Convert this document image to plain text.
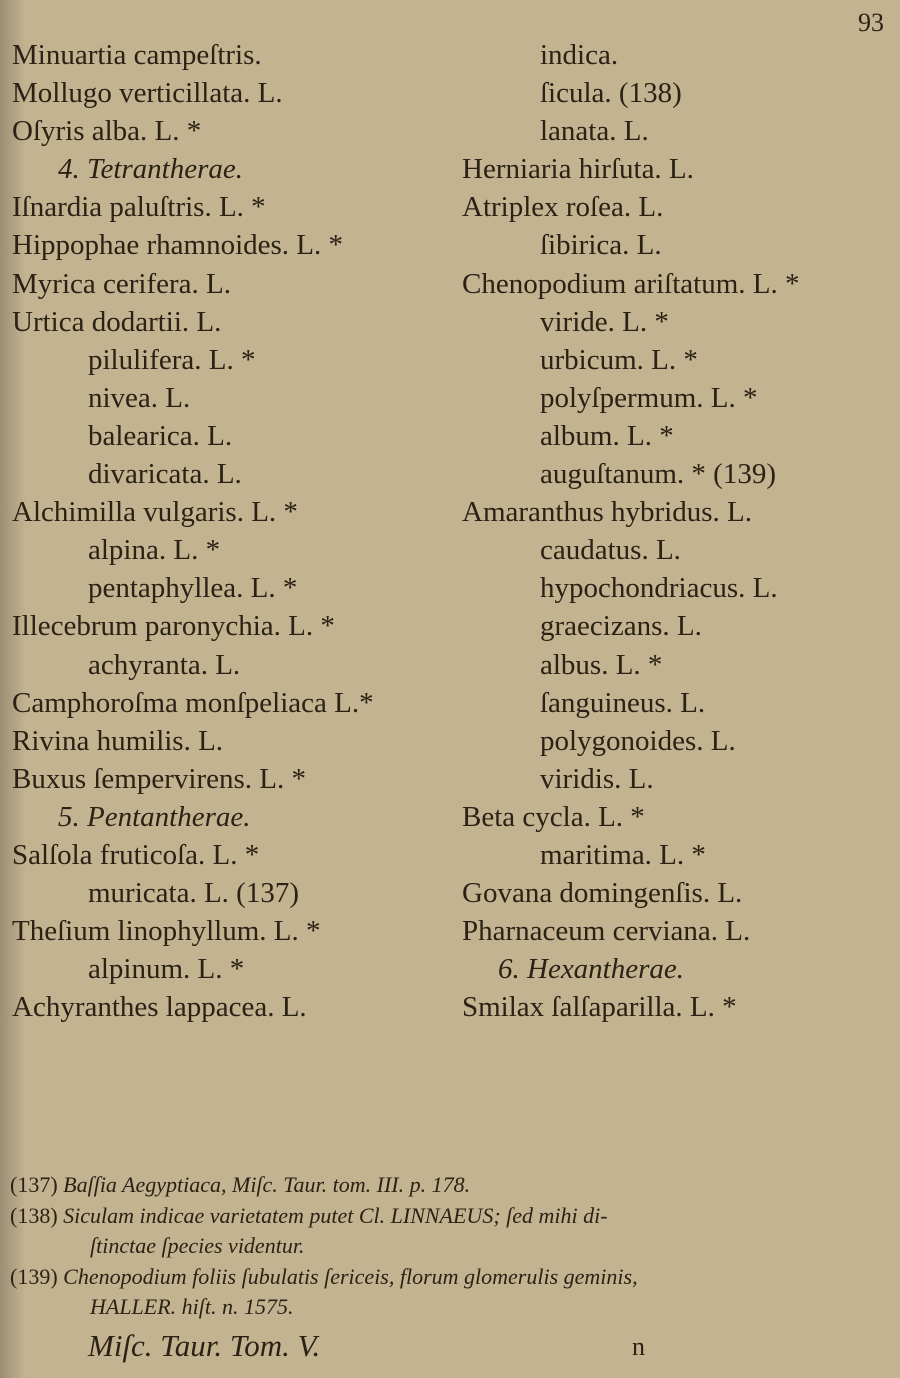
93
Minuartia campeſtris.
Mollugo verticillata. L.
Oſyris alba. L. *
4. Tetrantherae.
Iſnardia paluſtris. L. *
Hippophae rhamnoides. L. *
Myrica cerifera. L.
Urtica dodartii. L.
pilulifera. L. *
nivea. L.
balearica. L.
divaricata. L.
Alchimilla vulgaris. L. *
alpina. L. *
pentaphyllea. L. *
Illecebrum paronychia. L. *
achyranta. L.
Camphoroſma monſpeliaca L.*
Rivina humilis. L.
Buxus ſempervirens. L. *
5. Pentantherae.
Salſola fruticoſa. L. *
muricata. L. (137)
Theſium linophyllum. L. *
alpinum. L. *
Achyranthes lappacea. L.
indica.
ſicula. (138)
lanata. L.
Herniaria hirſuta. L.
Atriplex roſea. L.
ſibirica. L.
Chenopodium ariſtatum. L. *
viride. L. *
urbicum. L. *
polyſpermum. L. *
album. L. *
auguſtanum. * (139)
Amaranthus hybridus. L.
caudatus. L.
hypochondriacus. L.
graecizans. L.
albus. L. *
ſanguineus. L.
polygonoides. L.
viridis. L.
Beta cycla. L. *
maritima. L. *
Govana domingenſis. L.
Pharnaceum cerviana. L.
6. Hexantherae.
Smilax ſalſaparilla. L. *
(137) Baſſia Aegyptiaca, Miſc. Taur. tom. III. p. 178.
(138) Siculam indicae varietatem putet Cl. LINNAEUS; ſed mihi di-
ſtinctae ſpecies videntur.
(139) Chenopodium foliis ſubulatis ſericeis, florum glomerulis geminis,
HALLER. hiſt. n. 1575.
Miſc. Taur. Tom. V.	n
